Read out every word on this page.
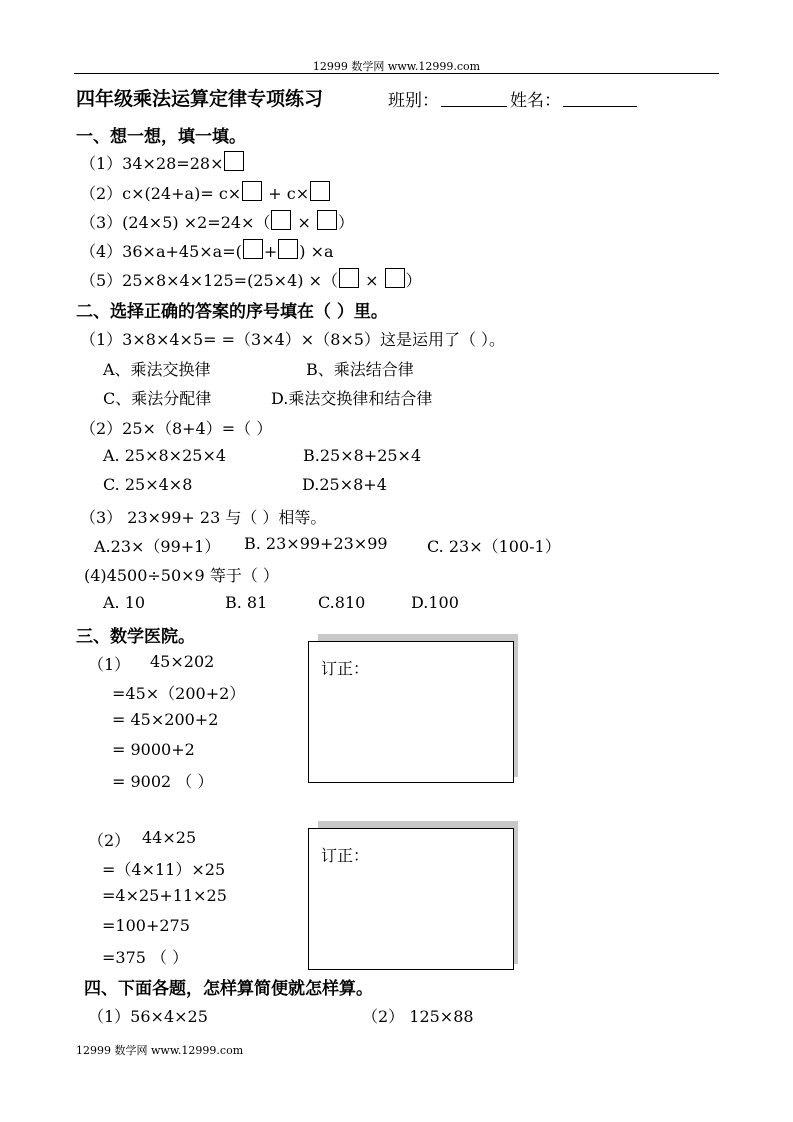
12999 数学网 www.12999.com
四年级乘法运算定律专项练习	班别：	姓名：
一、想一想，填一填。
（1）34×28=28×
（2）c×(24+a)= c× + c×
（3）(24×5) ×2=24×（ × ）
（4）36×a+45×a=( + ) ×a
（5）25×8×4×125=(25×4) ×（ × ）
二、选择正确的答案的序号填在（ ）里。
（1）3×8×4×5= =（3×4）×（8×5）这是运用了（ ）。
A、乘法交换律	B、乘法结合律
C、乘法分配律	D.乘法交换律和结合律
（2）25×（8+4）=（ ）
A. 25×8×25×4	B.25×8+25×4
C. 25×4×8	D.25×8+4
（3） 23×99+ 23 与（ ）相等。
A.23×（99+1） B. 23×99+23×99 C. 23×（100-1）
(4)4500÷50×9 等于（ ）
A. 10	B. 81	C.810	D.100
三、数学医院。
（1） 45×202
=45×（200+2）
= 45×200+2
= 9000+2
= 9002 （ ）
订正：
（2） 44×25
=（4×11）×25
=4×25+11×25
=100+275
=375 （ ）
订正：
四、下面各题，怎样算简便就怎样算。
（1）56×4×25	（2） 125×88
12999 数学网 www.12999.com
